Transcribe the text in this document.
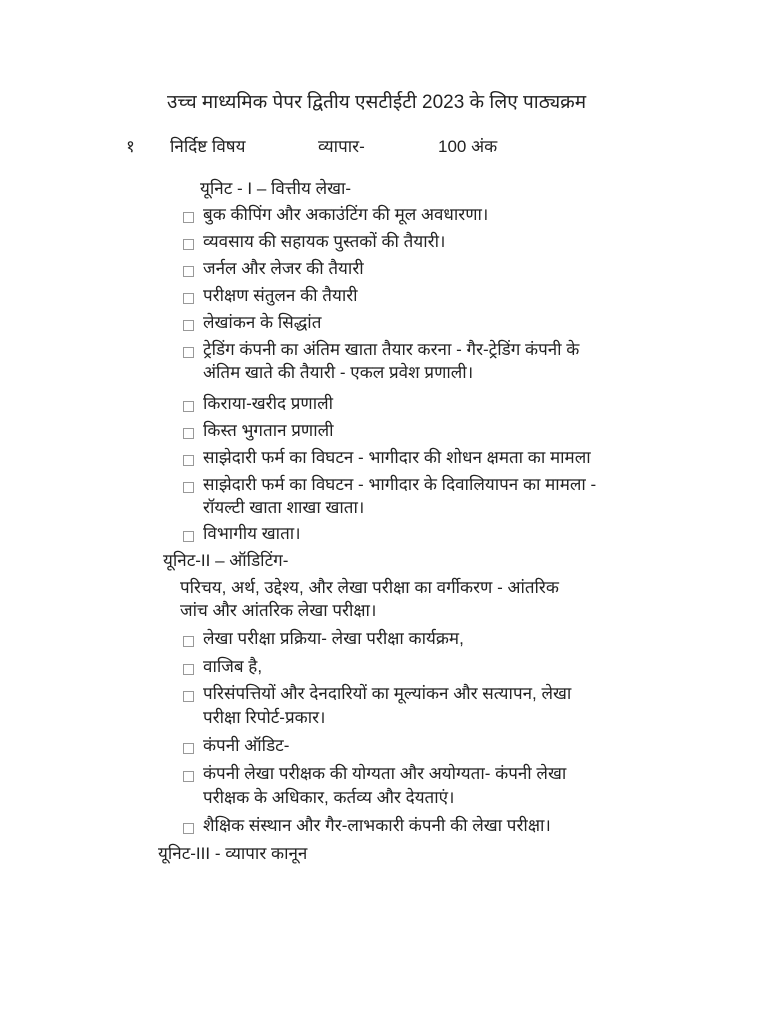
उच्च माध्यमिक पेपर द्वितीय एसटीईटी 2023 के लिए पाठ्यक्रम
१ निर्दिष्ट विषय	व्यापार-	100 अंक
यूनिट - I – वित्तीय लेखा-
बुक कीपिंग और अकाउंटिंग की मूल अवधारणा।
व्यवसाय की सहायक पुस्तकों की तैयारी।
जर्नल और लेजर की तैयारी
परीक्षण संतुलन की तैयारी
लेखांकन के सिद्धांत
ट्रेडिंग कंपनी का अंतिम खाता तैयार करना - गैर-ट्रेडिंग कंपनी के
अंतिम खाते की तैयारी - एकल प्रवेश प्रणाली।
किराया-खरीद प्रणाली
किस्त भुगतान प्रणाली
साझेदारी फर्म का विघटन - भागीदार की शोधन क्षमता का मामला
साझेदारी फर्म का विघटन - भागीदार के दिवालियापन का मामला -
रॉयल्टी खाता शाखा खाता।
विभागीय खाता।
यूनिट-II – ऑडिटिंग-
परिचय, अर्थ, उद्देश्य, और लेखा परीक्षा का वर्गीकरण - आंतरिक
जांच और आंतरिक लेखा परीक्षा।
लेखा परीक्षा प्रक्रिया- लेखा परीक्षा कार्यक्रम,
वाजिब है,
परिसंपत्तियों और देनदारियों का मूल्यांकन और सत्यापन, लेखा
परीक्षा रिपोर्ट-प्रकार।
कंपनी ऑडिट-
कंपनी लेखा परीक्षक की योग्यता और अयोग्यता- कंपनी लेखा
परीक्षक के अधिकार, कर्तव्य और देयताएं।
शैक्षिक संस्थान और गैर-लाभकारी कंपनी की लेखा परीक्षा।
यूनिट-III - व्यापार कानून
